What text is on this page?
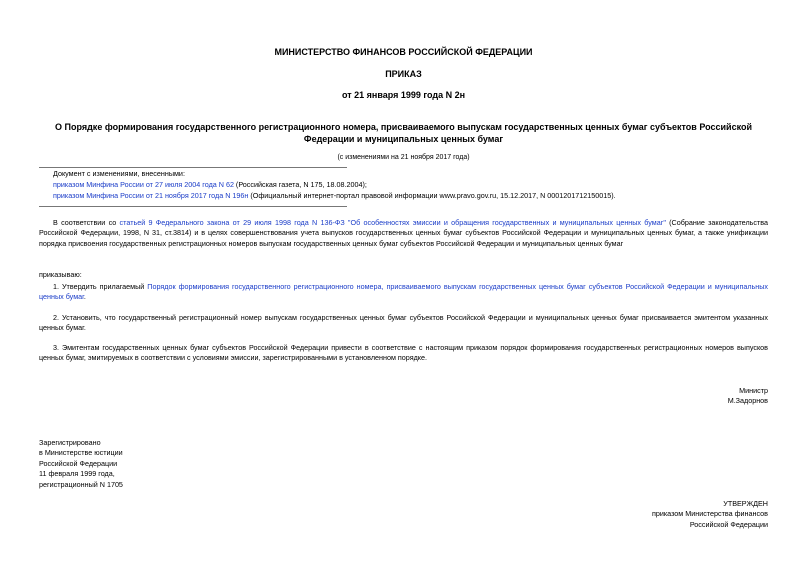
МИНИСТЕРСТВО ФИНАНСОВ РОССИЙСКОЙ ФЕДЕРАЦИИ
ПРИКАЗ
от 21 января 1999 года N 2н
О Порядке формирования государственного регистрационного номера, присваиваемого выпускам государственных ценных бумаг субъектов Российской Федерации и муниципальных ценных бумаг
(с изменениями на 21 ноября 2017 года)
Документ с изменениями, внесенными:
приказом Минфина России от 27 июля 2004 года N 62 (Российская газета, N 175, 18.08.2004);
приказом Минфина России от 21 ноября 2017 года N 196н (Официальный интернет-портал правовой информации www.pravo.gov.ru, 15.12.2017, N 0001201712150015).
В соответствии со статьей 9 Федерального закона от 29 июля 1998 года N 136-ФЗ "Об особенностях эмиссии и обращения государственных и муниципальных ценных бумаг" (Собрание законодательства Российской Федерации, 1998, N 31, ст.3814) и в целях совершенствования учета выпусков государственных ценных бумаг субъектов Российской Федерации и муниципальных ценных бумаг, а также унификации порядка присвоения государственных регистрационных номеров выпускам государственных ценных бумаг субъектов Российской Федерации и муниципальных ценных бумаг
приказываю:
1. Утвердить прилагаемый Порядок формирования государственного регистрационного номера, присваиваемого выпускам государственных ценных бумаг субъектов Российской Федерации и муниципальных ценных бумаг.
2. Установить, что государственный регистрационный номер выпускам государственных ценных бумаг субъектов Российской Федерации и муниципальных ценных бумаг присваивается эмитентом указанных ценных бумаг.
3. Эмитентам государственных ценных бумаг субъектов Российской Федерации привести в соответствие с настоящим приказом порядок формирования государственных регистрационных номеров выпусков ценных бумаг, эмитируемых в соответствии с условиями эмиссии, зарегистрированными в установленном порядке.
Министр
М.Задорнов
Зарегистрировано
в Министерстве юстиции
Российской Федерации
11 февраля 1999 года,
регистрационный N 1705
УТВЕРЖДЕН
приказом Министерства финансов
Российской Федерации
